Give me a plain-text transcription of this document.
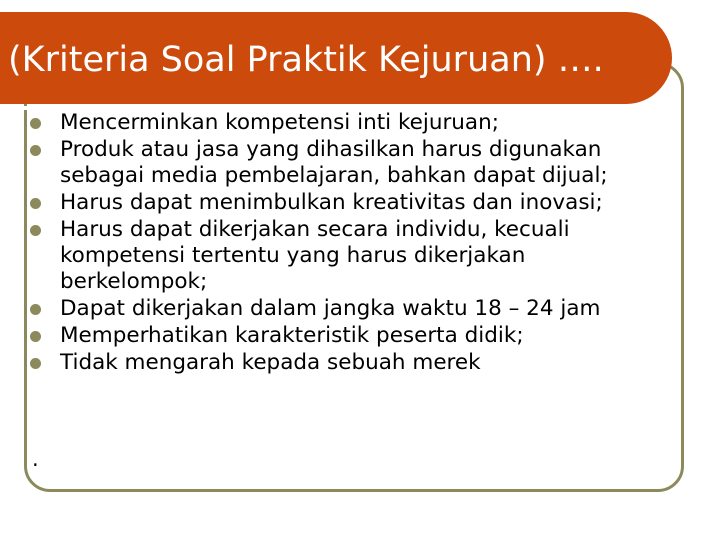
(Kriteria Soal Praktik Kejuruan) ….
Mencerminkan kompetensi inti kejuruan;
Produk atau jasa yang dihasilkan harus digunakan sebagai media pembelajaran, bahkan dapat dijual;
Harus dapat menimbulkan kreativitas dan inovasi;
Harus dapat dikerjakan secara individu, kecuali kompetensi tertentu yang harus dikerjakan berkelompok;
Dapat dikerjakan dalam jangka waktu 18 – 24 jam
Memperhatikan karakteristik peserta didik;
Tidak mengarah kepada sebuah merek
.
